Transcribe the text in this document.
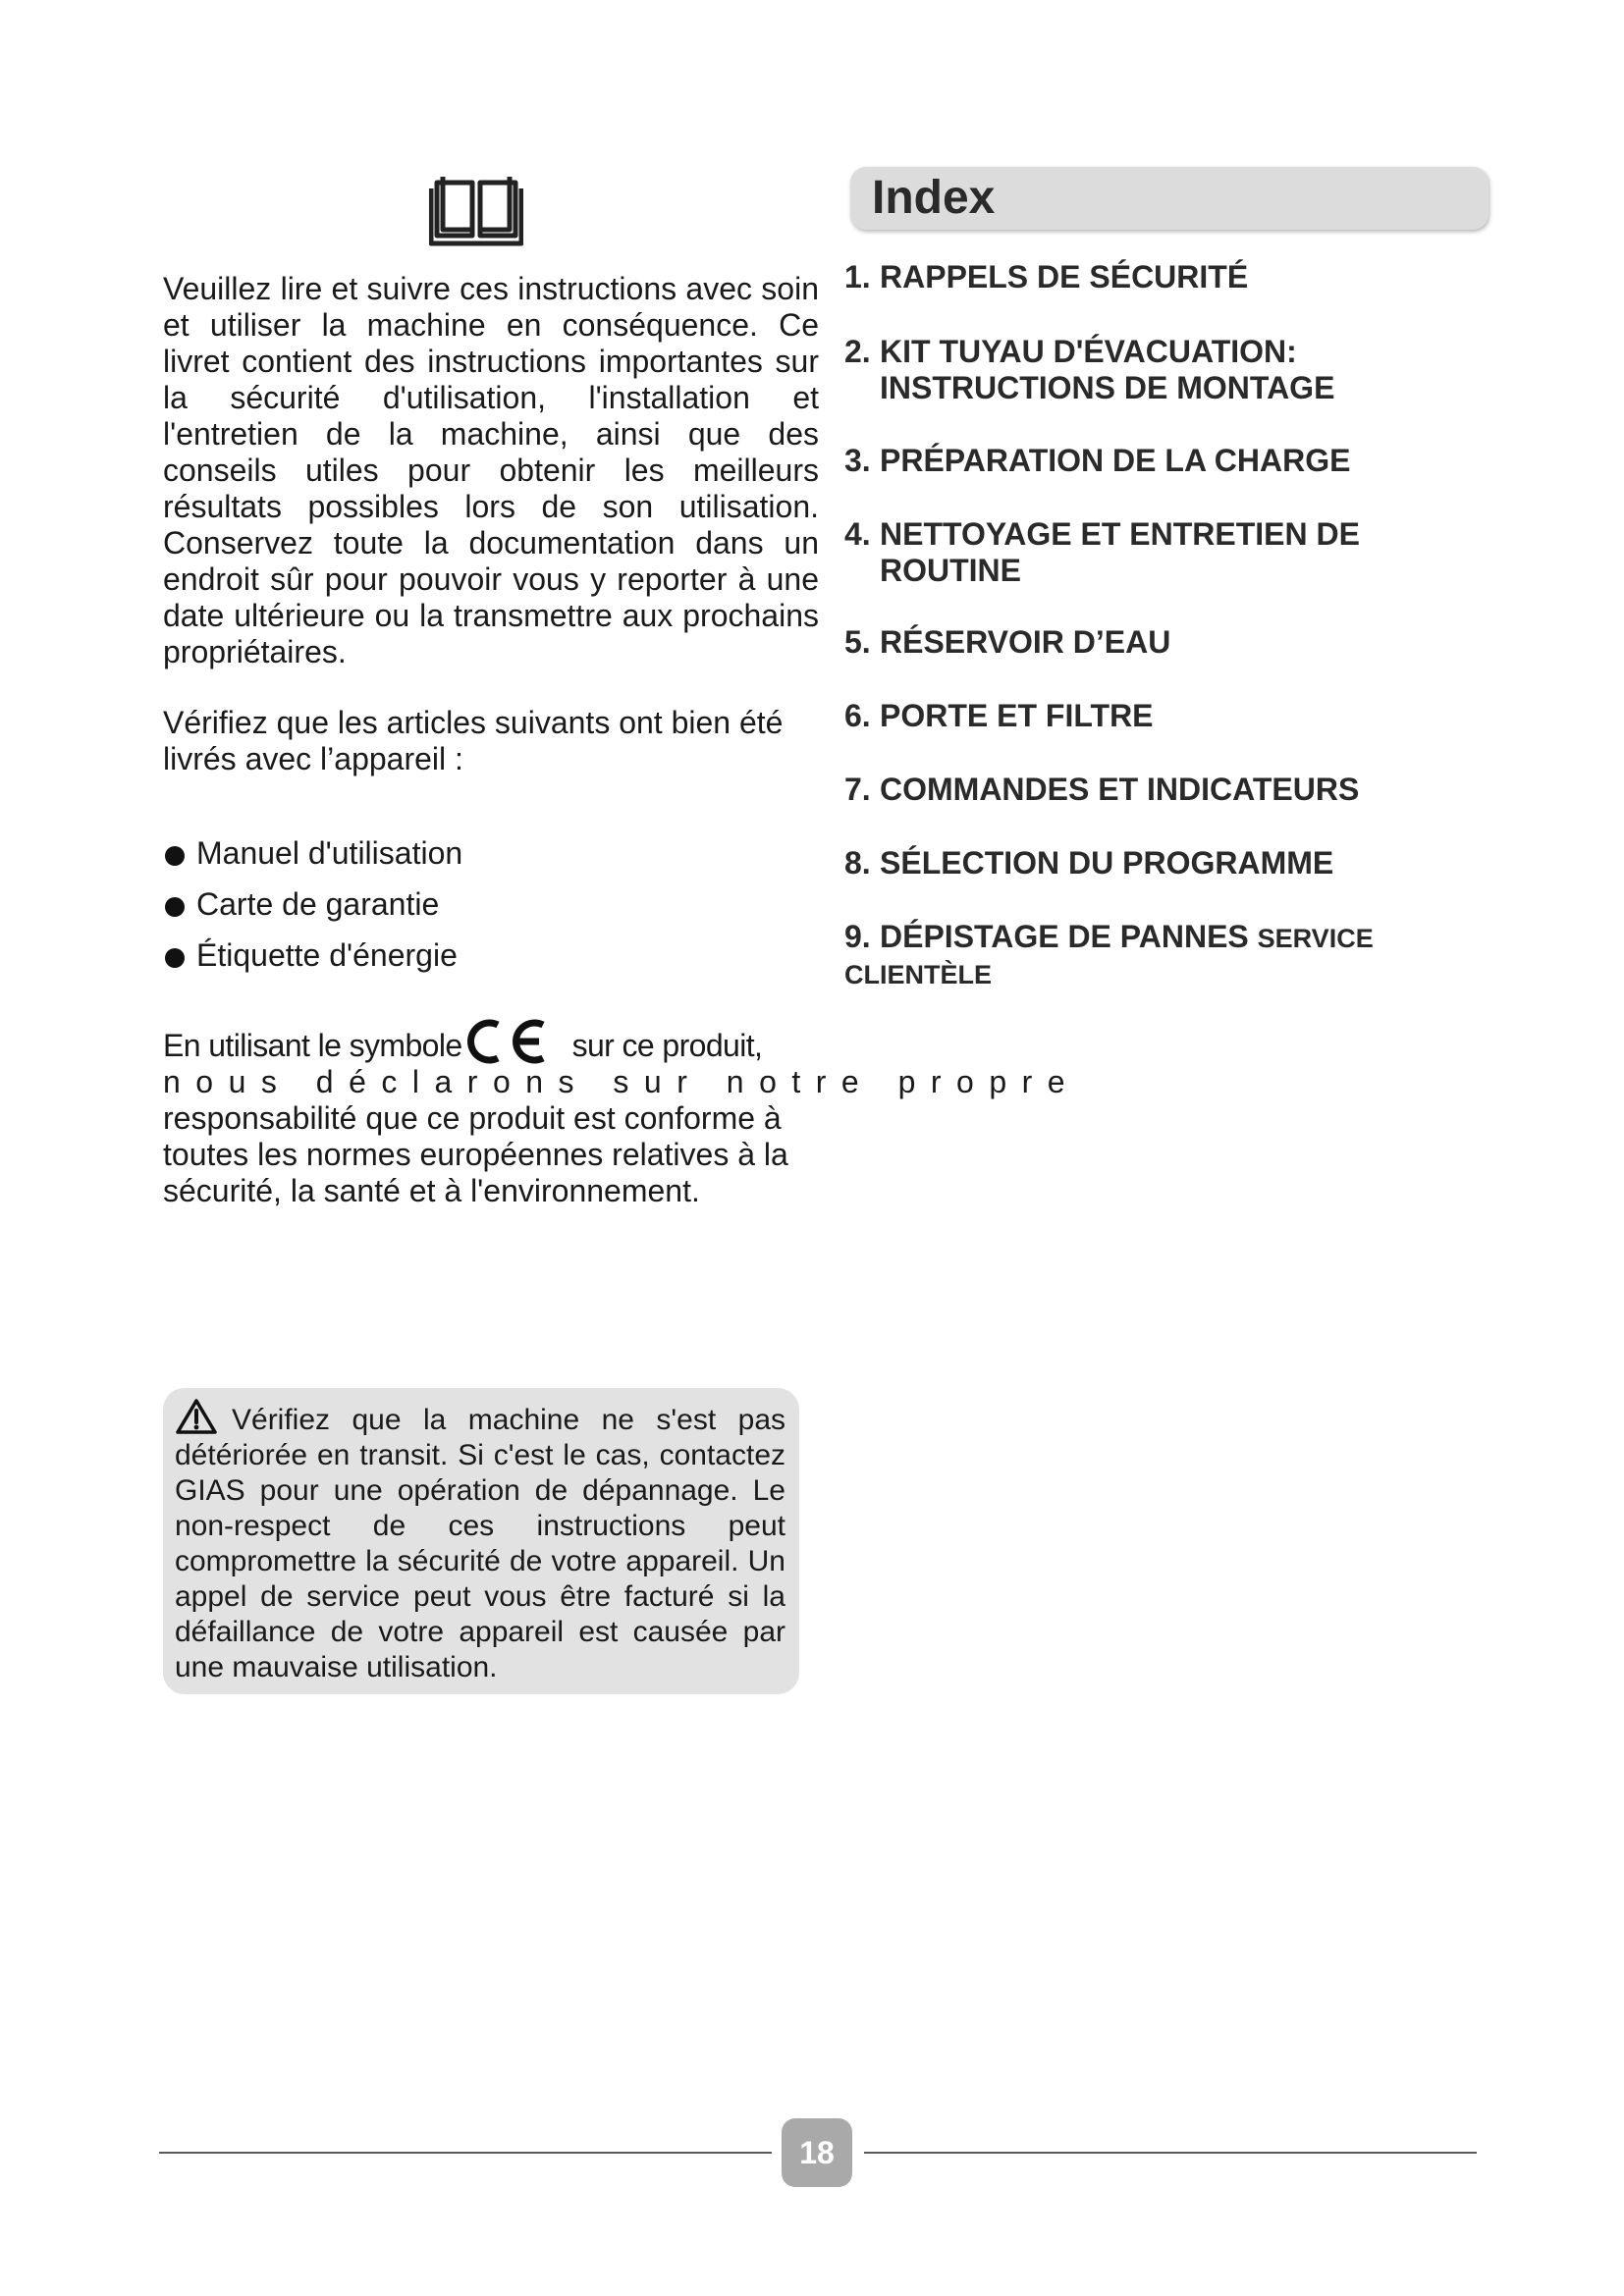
Veuillez lire et suivre ces instructions avec soin et utiliser la machine en conséquence. Ce livret contient des instructions importantes sur la sécurité d'utilisation, l'installation et l'entretien de la machine, ainsi que des conseils utiles pour obtenir les meilleurs résultats possibles lors de son utilisation. Conservez toute la documentation dans un endroit sûr pour pouvoir vous y reporter à une date ultérieure ou la transmettre aux prochains propriétaires.

Vérifiez que les articles suivants ont bien été livrés avec l’appareil :
Manuel d'utilisation
Carte de garantie
Étiquette d'énergie
En utilisant le symbole	sur ce produit,
nous déclarons sur notre propre
responsabilité que ce produit est conforme à toutes les normes européennes relatives à la sécurité, la santé et à l'environnement.

Vérifiez que la machine ne s'est pas détériorée en transit. Si c'est le cas, contactez GIAS pour une opération de dépannage. Le non-respect de ces instructions peut compromettre la sécurité de votre appareil. Un appel de service peut vous être facturé si la défaillance de votre appareil est causée par une mauvaise utilisation.

Index
1. RAPPELS DE SÉCURITÉ
2. KIT TUYAU D'ÉVACUATION:
INSTRUCTIONS DE MONTAGE
3. PRÉPARATION DE LA CHARGE
4. NETTOYAGE ET ENTRETIEN DE
ROUTINE
5. RÉSERVOIR D’EAU
6. PORTE ET FILTRE
7. COMMANDES ET INDICATEURS
8. SÉLECTION DU PROGRAMME
9. DÉPISTAGE DE PANNES SERVICE
CLIENTÈLE
18
